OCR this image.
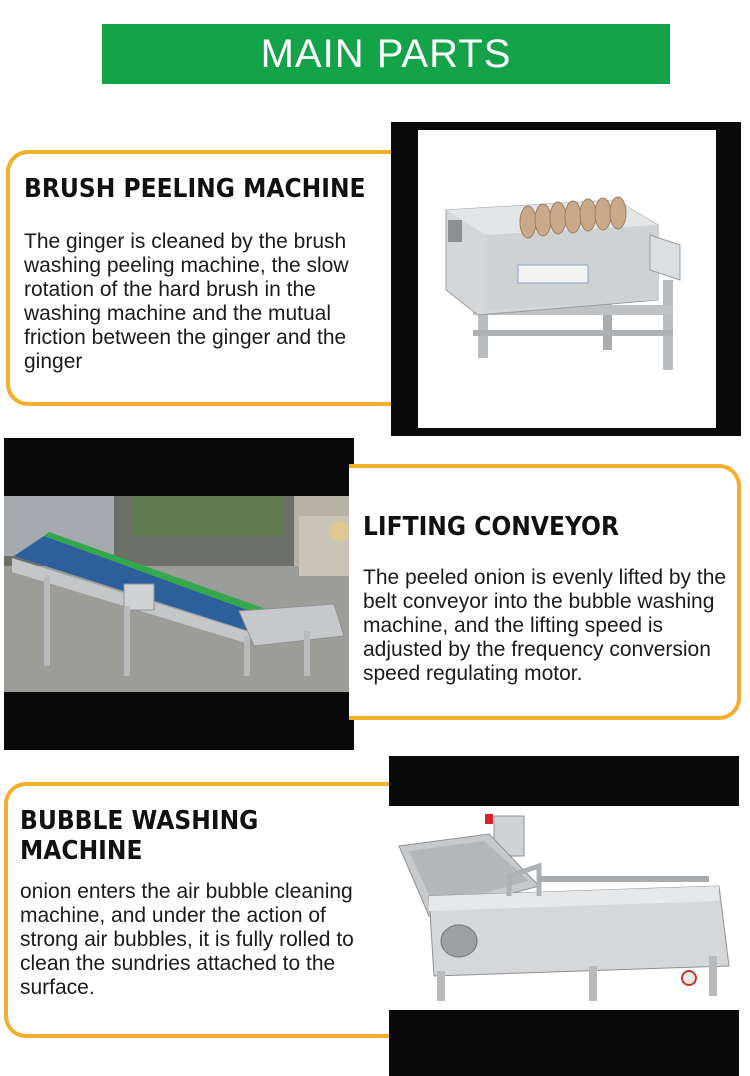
MAIN PARTS
BRUSH PEELING MACHINE
The ginger is cleaned by the brush washing peeling machine, the slow rotation of the hard brush in the washing machine and the mutual friction between the ginger and the ginger
LIFTING CONVEYOR
The peeled onion is evenly lifted by the belt conveyor into the bubble washing machine, and the lifting speed is adjusted by the frequency conversion speed regulating motor.
BUBBLE WASHING MACHINE
onion enters the air bubble cleaning machine, and under the action of strong air bubbles, it is fully rolled to clean the sundries attached to the surface.
